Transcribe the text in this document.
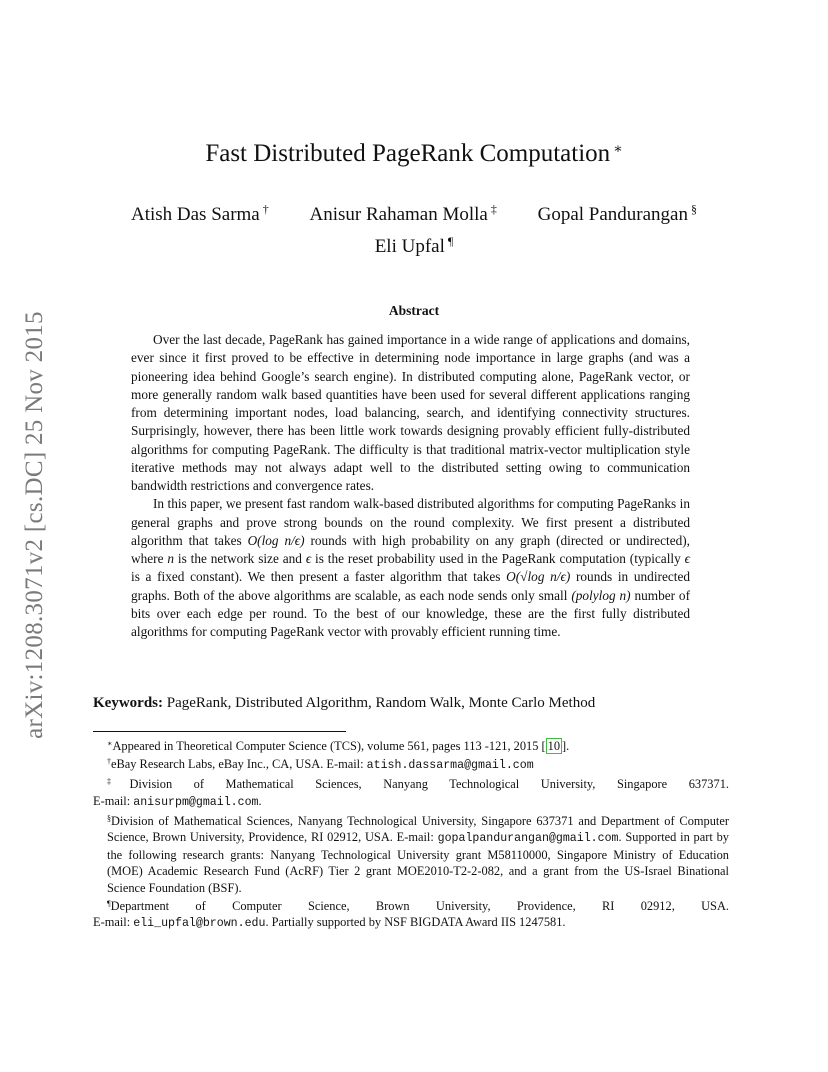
arXiv:1208.3071v2 [cs.DC] 25 Nov 2015
Fast Distributed PageRank Computation ∗
Atish Das Sarma † Anisur Rahaman Molla ‡ Gopal Pandurangan §
Eli Upfal ¶
Abstract

Over the last decade, PageRank has gained importance in a wide range of applications and domains, ever since it first proved to be effective in determining node importance in large graphs (and was a pioneering idea behind Google’s search engine). In distributed computing alone, PageRank vector, or more generally random walk based quantities have been used for several different applications ranging from determining important nodes, load balancing, search, and identifying connectivity structures. Surprisingly, however, there has been little work towards designing provably efficient fully-distributed algorithms for computing PageRank. The difficulty is that traditional matrix-vector multiplication style iterative methods may not always adapt well to the distributed setting owing to communication bandwidth restrictions and convergence rates.

In this paper, we present fast random walk-based distributed algorithms for computing PageRanks in general graphs and prove strong bounds on the round complexity. We first present a distributed algorithm that takes O(log n/ϵ) rounds with high probability on any graph (directed or undirected), where n is the network size and ϵ is the reset probability used in the PageRank computation (typically ϵ is a fixed constant). We then present a faster algorithm that takes O(√log n/ϵ) rounds in undirected graphs. Both of the above algorithms are scalable, as each node sends only small (polylog n) number of bits over each edge per round. To the best of our knowledge, these are the first fully distributed algorithms for computing PageRank vector with provably efficient running time.

Keywords: PageRank, Distributed Algorithm, Random Walk, Monte Carlo Method
∗Appeared in Theoretical Computer Science (TCS), volume 561, pages 113 -121, 2015 [ 10 ].
†eBay Research Labs, eBay Inc., CA, USA. E-mail: atish.dassarma@gmail.com
‡Division of Mathematical Sciences, Nanyang Technological University, Singapore 637371.
E-mail: anisurpm@gmail.com.
§Division of Mathematical Sciences, Nanyang Technological University, Singapore 637371 and Department of Computer Science, Brown University, Providence, RI 02912, USA. E-mail: gopalpandurangan@gmail.com. Supported in part by the following research grants: Nanyang Technological University grant M58110000, Singapore Ministry of Education (MOE) Academic Research Fund (AcRF) Tier 2 grant MOE2010-T2-2-082, and a grant from the US-Israel Binational Science Foundation (BSF).
¶Department of Computer Science, Brown University, Providence, RI 02912, USA.
E-mail: eli_upfal@brown.edu. Partially supported by NSF BIGDATA Award IIS 1247581.
